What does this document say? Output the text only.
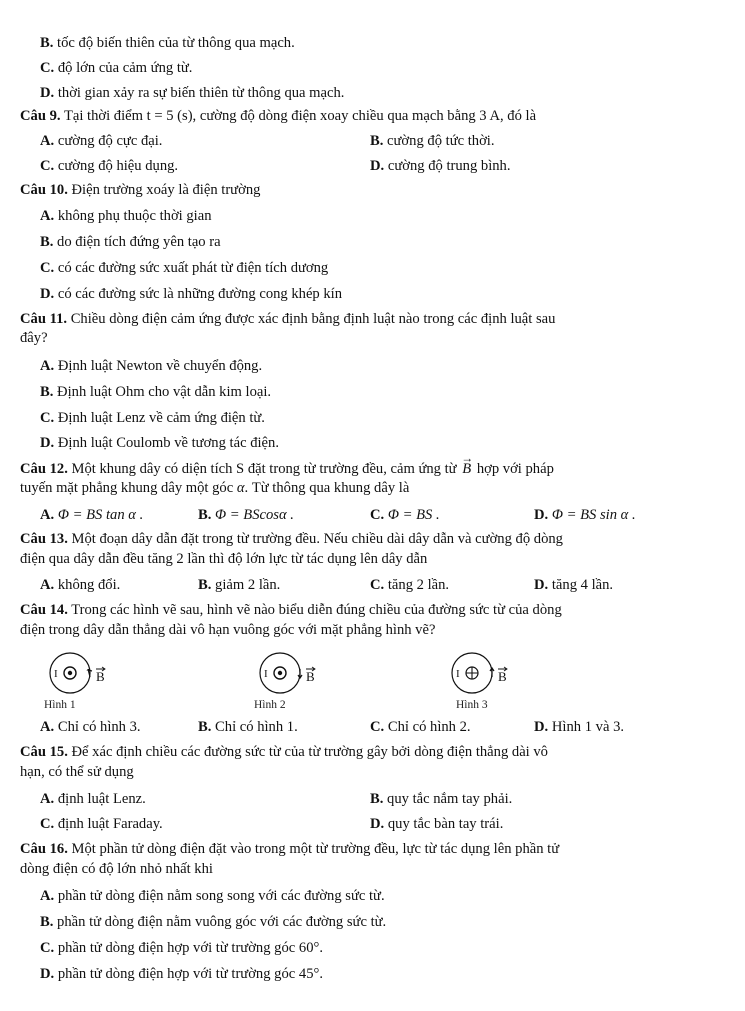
B. tốc độ biến thiên của từ thông qua mạch.
C. độ lớn của cảm ứng từ.
D. thời gian xảy ra sự biến thiên từ thông qua mạch.
Câu 9. Tại thời điểm t = 5 (s), cường độ dòng điện xoay chiều qua mạch bằng 3 A, đó là
A. cường độ cực đại.	B. cường độ tức thời.
C. cường độ hiệu dụng.	D. cường độ trung bình.
Câu 10. Điện trường xoáy là điện trường
A. không phụ thuộc thời gian
B. do điện tích đứng yên tạo ra
C. có các đường sức xuất phát từ điện tích dương
D. có các đường sức là những đường cong khép kín
Câu 11. Chiều dòng điện cảm ứng được xác định bằng định luật nào trong các định luật sau
đây?
A. Định luật Newton về chuyển động.
B. Định luật Ohm cho vật dẫn kim loại.
C. Định luật Lenz về cảm ứng điện từ.
D. Định luật Coulomb về tương tác điện.
Câu 12. Một khung dây có diện tích S đặt trong từ trường đều, cảm ứng từ
→
B hợp với pháp
tuyến mặt phẳng khung dây một góc α. Từ thông qua khung dây là
A. Φ = BS tan α .	B. Φ = BScosα .	C. Φ = BS .	D. Φ = BS sin α .
Câu 13. Một đoạn dây dẫn đặt trong từ trường đều. Nếu chiều dài dây dẫn và cường độ dòng
điện qua dây dẫn đều tăng 2 lần thì độ lớn lực từ tác dụng lên dây dẫn
A. không đổi.	B. giảm 2 lần.	C. tăng 2 lần.	D. tăng 4 lần.
Câu 14. Trong các hình vẽ sau, hình vẽ nào biểu diễn đúng chiều của đường sức từ của dòng
điện trong dây dẫn thẳng dài vô hạn vuông góc với mặt phẳng hình vẽ?
I	B
Hình 1
I	B
Hình 2
I	B
Hình 3
A. Chỉ có hình 3.	B. Chỉ có hình 1.	C. Chỉ có hình 2.	D. Hình 1 và 3.
Câu 15. Để xác định chiều các đường sức từ của từ trường gây bởi dòng điện thẳng dài vô
hạn, có thể sử dụng
A. định luật Lenz.	B. quy tắc nắm tay phải.
C. định luật Faraday.	D. quy tắc bàn tay trái.
Câu 16. Một phần tử dòng điện đặt vào trong một từ trường đều, lực từ tác dụng lên phần tử
dòng điện có độ lớn nhỏ nhất khi
A. phần tử dòng điện nằm song song với các đường sức từ.
B. phần tử dòng điện nằm vuông góc với các đường sức từ.
C. phần tử dòng điện hợp với từ trường góc 60°.
D. phần tử dòng điện hợp với từ trường góc 45°.
